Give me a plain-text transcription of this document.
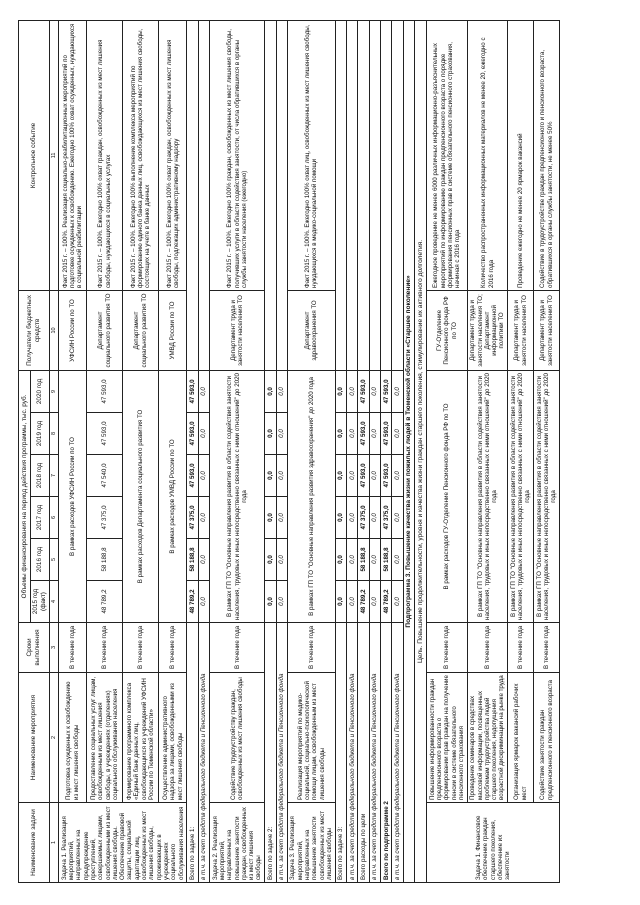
Наименование задачи	Наименование мероприятия	Сроки выполнения	Объемы финансирования на период действия программы, тыс. руб.						Получатели бюджетных средств	Контрольное событие
			2015 год (факт)	2016 год	2017 год	2018 год	2019 год	2020 год		
1	2	3	4	5	6	7	8	9	10	11
Задача 1. Реализация мероприятий, направленных на предупреждение преступлений, совершаемых лицами, освобожденными из мест лишения свободы. Обеспечение правовой защиты, социальной адаптации лиц, освобожденных из мест лишения свободы, проживающих в учреждениях социального обслуживания населения	Подготовка осужденных к освобождению из мест лишения свободы	В течение года	В рамках расходов УФСИН России по ТО						УФСИН России по ТО	Факт 2015 г. – 100%. Реализация социально-реабилитационных мероприятий по подготовке осужденных к освобождению. Ежегодно 100% охват осужденных, нуждающихся в социальной реабилитации
	Предоставление социальных услуг лицам, освобожденным из мест лишения свободы, в учреждениях (отделениях) социального обслуживания населения	В течение года	48 789,2	58 188,8	47 375,0	47 540,0	47 593,0	47 593,0	Департамент социального развития ТО	Факт 2015 г. – 100%. Ежегодно 100% охват граждан, освобожденных из мест лишения свободы, нуждающихся в социальных услугах
	Формирование программного комплекса «Единый банк данных лиц, освобождающихся из учреждений УФСИН России по Тюменской области»	В течение года	В рамках расходов Департамента социального развития ТО						Департамент социального развития ТО	Факт 2015 г. – 100%. Ежегодно 100% выполнение комплекса мероприятий по формированию единого банка данных лиц, освобождающихся из мест лишения свободы, состоящих на учете в банке данных
	Осуществление административного надзора за лицами, освобожденными из мест лишения свободы	В течение года	В рамках расходов УМВД России по ТО						УМВД России по ТО	Факт 2015 г. – 100%. Ежегодно 100% охват граждан, освобожденных из мест лишения свободы, подлежащих административному надзору
Всего по задаче 1:			48 789,2	58 188,8	47 375,0	47 593,0	47 593,0	47 593,0		
в т.ч. за счет средств федерального бюджета и Пенсионного фонда			0,0	0,0	0,0	0,0	0,0	0,0		
Задача 2. Реализация мероприятий, направленных на повышение занятости граждан, освобожденных из мест лишения свободы	Содействие трудоустройству граждан, освобожденных из мест лишения свободы	В течение года	В рамках ГП ТО "Основные направления развития в области содействия занятости населения, трудовых и иных непосредственно связанных с ними отношений" до 2020 года						Департамент труда и занятости населения ТО	Факт 2015 г. – 100%. Ежегодно 100% граждан, освобожденных из мест лишения свободы, получивших услуги в области содействия занятости, от числа обратившихся в органы службы занятости населения (ежегодно)
Всего по задаче 2:			0,0	0,0	0,0	0,0	0,0	0,0		
в т.ч. за счет средств федерального бюджета и Пенсионного фонда			0,0	0,0	0,0	0,0	0,0	0,0		
Задача 3. Реализация мероприятий, направленных на повышение занятости освобожденных из мест лишения свободы	Реализация мероприятий по медико-социальной, социально-психологической помощи лицам, освобожденным из мест лишения свободы	В течение года	В рамках ГП ТО "Основные направления развития здравоохранения" до 2020 года						Департамент здравоохранения ТО	Факт 2015 г. – 100%. Ежегодно 100% охват лиц, освобожденных из мест лишения свободы, нуждающихся в медико-социальной помощи
Всего по задаче 3:			0,0	0,0	0,0	0,0	0,0	0,0		
в т.ч. за счет средств федерального бюджета и Пенсионного фонда			0,0	0,0	0,0	0,0	0,0	0,0		
Всего расходы по цели			48 789,2	58 188,8	47 375,0	47 593,0	47 593,0	47 593,0		
в т.ч. за счет средств федерального бюджета и Пенсионного фонда			0,0	0,0	0,0	0,0	0,0	0,0		
Всего по подпрограмме 2			48 789,2	58 188,8	47 375,0	47 593,0	47 593,0	47 593,0		
в т.ч. за счет средств федерального бюджета и Пенсионного фонда			0,0	0,0	0,0	0,0	0,0	0,0		
Подпрограмма 3. Повышение качества жизни пожилых людей в Тюменской области «Старшее поколение»										
Цель. Повышение продолжительности, уровня и качества жизни граждан старшего поколения, стимулирование их активного долголетия.										
Задача 1. Финансовое обеспечение граждан старшего поколения, обеспечение их занятости	Повышение информированности граждан предпенсионного возраста о формировании прав граждан на получение пенсии в системе обязательного пенсионного страхования	В течение года	В рамках расходов ГУ-Отделение Пенсионного фонда РФ по ТО						ГУ-Отделение Пенсионного фонда РФ по ТО	Ежегодное проведение не менее 6000 различных информационно-разъяснительных мероприятий по информированию граждан предпенсионного возраста о порядке формирования пенсионных прав в системе обязательного пенсионного страхования, начиная с 2016 года
	Проведение семинаров в средствах массовой информации, посвященных проблемам трудоустройства людей старшего поколения, недопущения возрастной дискриминации на рынке труда	В течение года	В рамках ГП ТО "Основные направления развития в области содействия занятости населения, трудовых и иных непосредственно связанных с ними отношений" до 2020 года						Департамент труда и занятости населения ТО; Департамент информационной политики ТО	Количество распространенных информационных материалов не менее 20, ежегодно с 2016 года
	Организация ярмарок вакансий рабочих мест	В течение года	В рамках ГП ТО "Основные направления развития в области содействия занятости населения, трудовых и иных непосредственно связанных с ними отношений" до 2020 года						Департамент труда и занятости населения ТО	Проведение ежегодно не менее 20 ярмарок вакансий
	Содействие занятости граждан предпенсионного и пенсионного возраста	В течение года	В рамках ГП ТО "Основные направления развития в области содействия занятости населения, трудовых и иных непосредственно связанных с ними отношений" до 2020 года						Департамент труда и занятости населения ТО	Содействие в трудоустройстве граждан предпенсионного и пенсионного возраста, обратившихся в органы службы занятости, не менее 50%
